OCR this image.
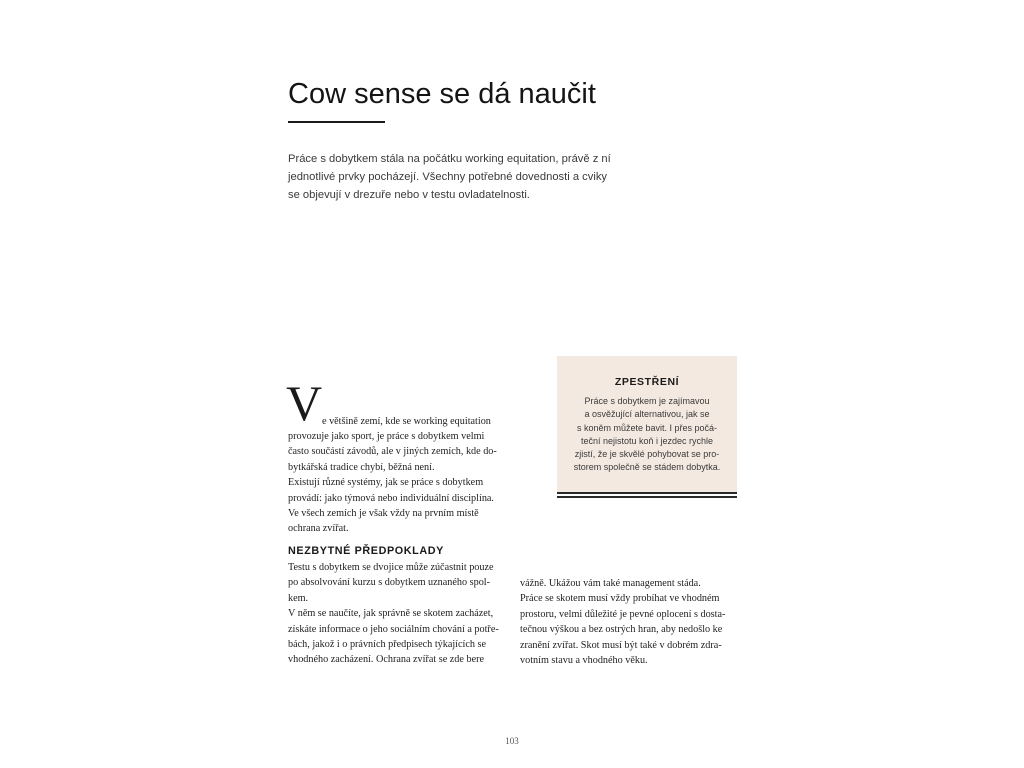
Cow sense se dá naučit
Práce s dobytkem stála na počátku working equitation, právě z ní
jednotlivé prvky pocházejí. Všechny potřebné dovednosti a cviky
se objevují v drezuře nebo v testu ovladatelnosti.
V e většině zemí, kde se working equitation
provozuje jako sport, je práce s dobytkem velmi
často součástí závodů, ale v jiných zemích, kde do-
bytkářská tradice chybí, běžná není.
Existují různé systémy, jak se práce s dobytkem
provádí: jako týmová nebo individuální disciplína.
Ve všech zemích je však vždy na prvním místě
ochrana zvířat.
NEZBYTNÉ PŘEDPOKLADY
Testu s dobytkem se dvojice může zúčastnit pouze
po absolvování kurzu s dobytkem uznaného spol-
kem.
V něm se naučíte, jak správně se skotem zacházet,
získáte informace o jeho sociálním chování a potře-
bách, jakož i o právních předpisech týkajících se
vhodného zacházení. Ochrana zvířat se zde bere
vážně. Ukážou vám také management stáda.
Práce se skotem musí vždy probíhat ve vhodném
prostoru, velmi důležité je pevné oplocení s dosta-
tečnou výškou a bez ostrých hran, aby nedošlo ke
zranění zvířat. Skot musí být také v dobrém zdra-
votním stavu a vhodného věku.
ZPESTŘENÍ
Práce s dobytkem je zajímavou
a osvěžující alternativou, jak se
s koněm můžete bavit. I přes počá-
teční nejistotu koň i jezdec rychle
zjistí, že je skvělé pohybovat se pro-
storem společně se stádem dobytka.
103
